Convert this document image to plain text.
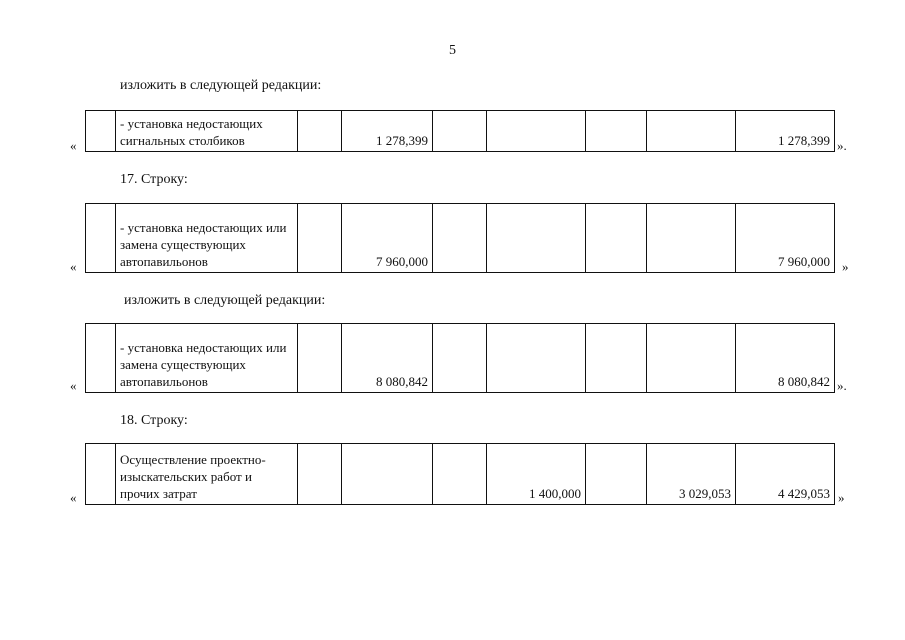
5
изложить в следующей редакции:
«
	- установка недостающих сигнальных столбиков		1 278,399					1 278,399 ».
17. Строку:
«
	- установка недостающих или замена существующих автопавильонов		7 960,000					7 960,000 »
изложить в следующей редакции:
«
	- установка недостающих или замена существующих автопавильонов		8 080,842					8 080,842 ».
18. Строку:
«
	Осуществление проектно-изыскательских работ и прочих затрат				1 400,000		3 029,053	4 429,053 »
